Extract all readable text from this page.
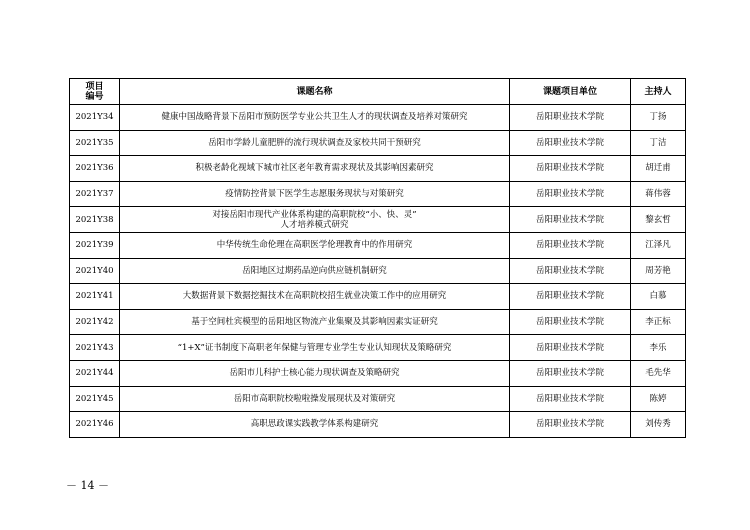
项目
编号	课题名称	课题项目单位	主持人
2021Y34	健康中国战略背景下岳阳市预防医学专业公共卫生人才的现状调查及培养对策研究	岳阳职业技术学院	丁扬
2021Y35	岳阳市学龄儿童肥胖的流行现状调查及家校共同干预研究	岳阳职业技术学院	丁洁
2021Y36	积极老龄化视域下城市社区老年教育需求现状及其影响因素研究	岳阳职业技术学院	胡迁甫
2021Y37	疫情防控背景下医学生志愿服务现状与对策研究	岳阳职业技术学院	蒋伟蓉
2021Y38	对接岳阳市现代产业体系构建的高职院校“小、快、灵”
人才培养模式研究	岳阳职业技术学院	黎玄哲
2021Y39	中华传统生命伦理在高职医学伦理教育中的作用研究	岳阳职业技术学院	江泽凡
2021Y40	岳阳地区过期药品逆向供应链机制研究	岳阳职业技术学院	周芳艳
2021Y41	大数据背景下数据挖掘技术在高职院校招生就业决策工作中的应用研究	岳阳职业技术学院	白慕
2021Y42	基于空间杜宾模型的岳阳地区物流产业集聚及其影响因素实证研究	岳阳职业技术学院	李正标
2021Y43	“1+X”证书制度下高职老年保健与管理专业学生专业认知现状及策略研究	岳阳职业技术学院	李乐
2021Y44	岳阳市儿科护士核心能力现状调查及策略研究	岳阳职业技术学院	毛先华
2021Y45	岳阳市高职院校啦啦操发展现状及对策研究	岳阳职业技术学院	陈婷
2021Y46	高职思政课实践教学体系构建研究	岳阳职业技术学院	刘传秀
－ 14 －
